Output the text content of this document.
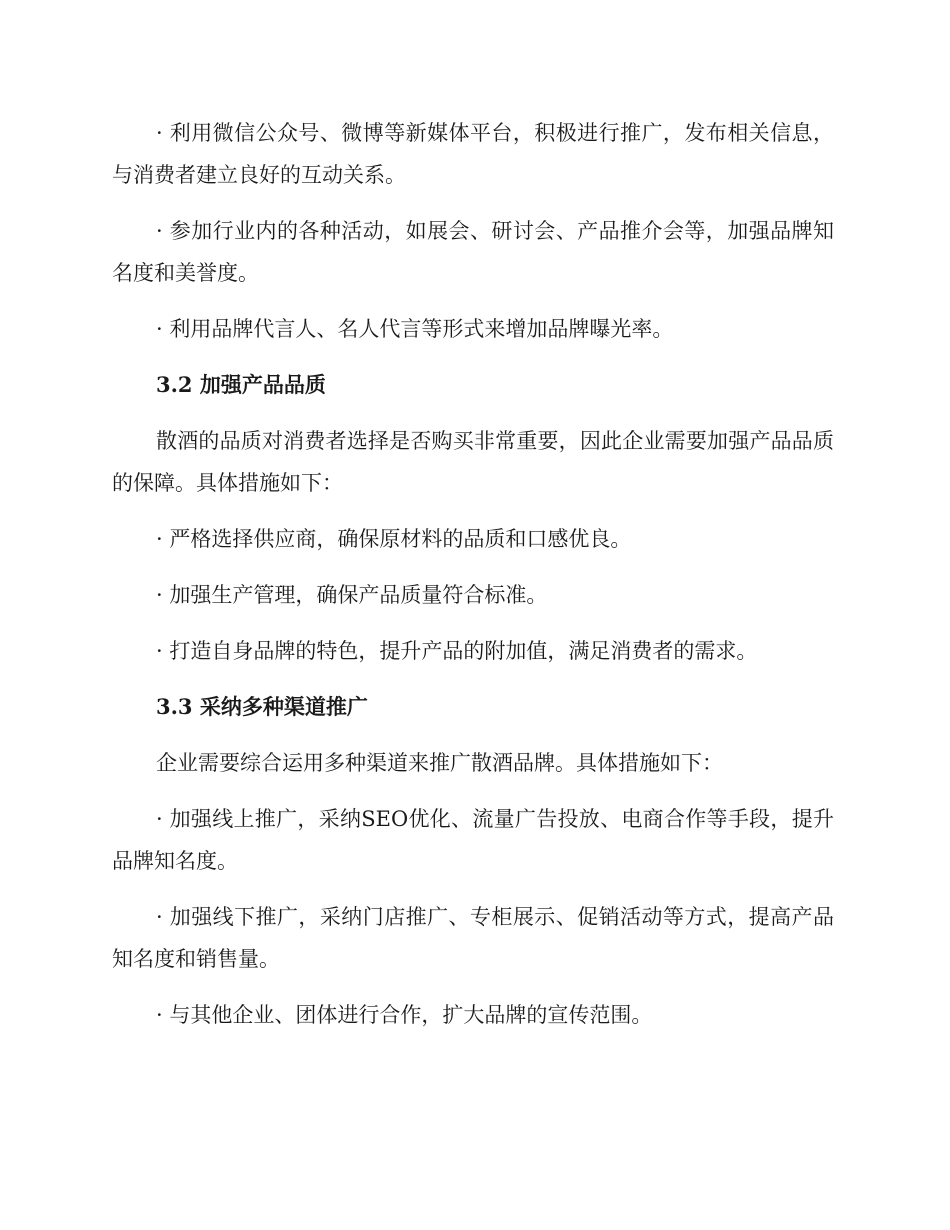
· 利用微信公众号、微博等新媒体平台，积极进行推广，发布相关信息，与消费者建立良好的互动关系。

· 参加行业内的各种活动，如展会、研讨会、产品推介会等，加强品牌知名度和美誉度。

· 利用品牌代言人、名人代言等形式来增加品牌曝光率。

3.2 加强产品品质

散酒的品质对消费者选择是否购买非常重要，因此企业需要加强产品品质的保障。具体措施如下：

· 严格选择供应商，确保原材料的品质和口感优良。

· 加强生产管理，确保产品质量符合标准。

· 打造自身品牌的特色，提升产品的附加值，满足消费者的需求。

3.3 采纳多种渠道推广

企业需要综合运用多种渠道来推广散酒品牌。具体措施如下：

· 加强线上推广，采纳SEO优化、流量广告投放、电商合作等手段，提升品牌知名度。

· 加强线下推广，采纳门店推广、专柜展示、促销活动等方式，提高产品知名度和销售量。

· 与其他企业、团体进行合作，扩大品牌的宣传范围。
